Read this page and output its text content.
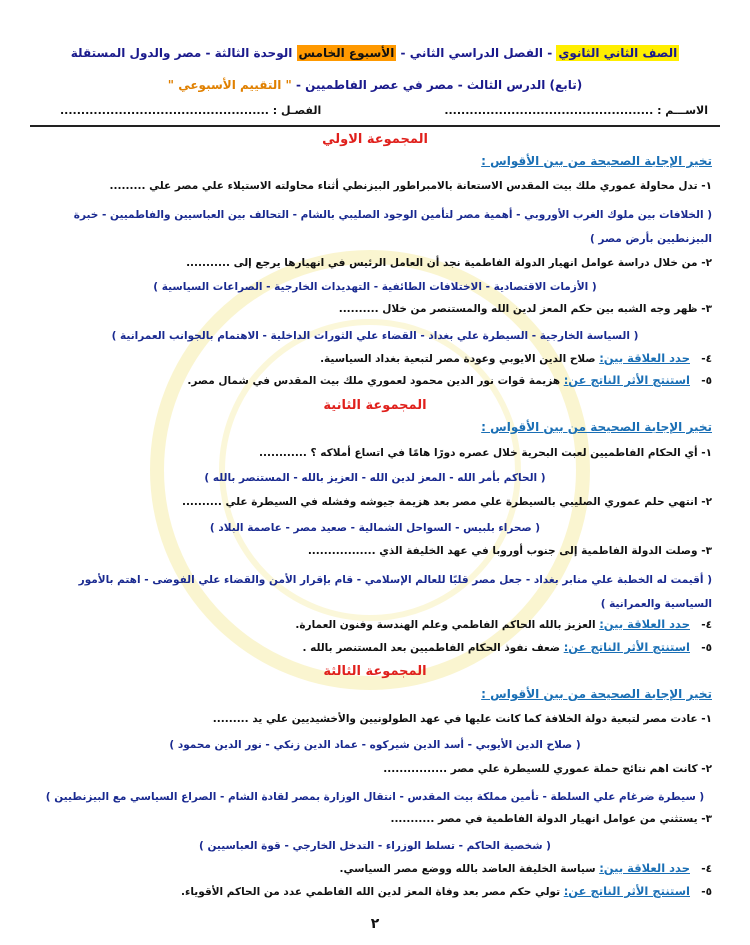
الصف الثاني الثانوي - الفصل الدراسي الثاني - الأسبوع الخامس الوحدة الثالثة - مصر والدول المستقلة
(تابع) الدرس الثالث - مصر في عصر الفاطميين - " التقييم الأسبوعي "
الاســـم : ..................................................
الفصـل : ..................................................
المجموعة الاولي
تخير الإجابة الصحيحة من بين الأقواس :
١- تدل محاولة عموري ملك بيت المقدس الاستعانة بالامبراطور البيزنطي أثناء محاولته الاستيلاء علي مصر علي .........
( الخلافات بين ملوك الغرب الأوروبي - أهمية مصر لتأمين الوجود الصليبي بالشام - التحالف بين العباسيين والفاطميين - خبرة
البيزنطيين بأرض مصر )
٢- من خلال دراسة عوامل انهيار الدولة الفاطمية نجد أن العامل الرئيس في انهيارها يرجع إلى ...........
( الأزمات الاقتصادية - الاختلافات الطائفية - التهديدات الخارجية - الصراعات السياسية )
٣- ظهر وجه الشبه بين حكم المعز لدين الله والمستنصر من خلال ..........
( السياسة الخارجية - السيطرة علي بغداد - القضاء علي الثورات الداخلية - الاهتمام بالجوانب العمرانية )
٤-حدد العلاقة بين: صلاح الدين الايوبي وعودة مصر لتبعية بغداد السياسية.
٥-استنتج الأثر الناتج عن: هزيمة قوات نور الدين محمود لعموري ملك بيت المقدس في شمال مصر.
المجموعة الثانية
تخير الإجابة الصحيحة من بين الأقواس :
١- أي الحكام الفاطميين لعبت البحرية خلال عصره دورًا هامًا في اتساع أملاكه ؟ ............
( الحاكم بأمر الله - المعز لدين الله - العزيز بالله - المستنصر بالله )
٢- انتهي حلم عموري الصليبي بالسيطرة علي مصر بعد هزيمة جيوشه وفشله في السيطرة علي ..........
( صحراء بلبيس - السواحل الشمالية - صعيد مصر - عاصمة البلاد )
٣- وصلت الدولة الفاطمية إلى جنوب أوروبا في عهد الخليفة الذي .................
( أقيمت له الخطبة علي منابر بغداد - جعل مصر قلبًا للعالم الإسلامي - قام بإقرار الأمن والقضاء علي الفوضى - اهتم بالأمور
السياسية والعمرانية )
٤-حدد العلاقة بين: العزيز بالله الحاكم الفاطمي وعلم الهندسة وفنون العمارة.
٥-استنتج الأثر الناتج عن: ضعف نفوذ الحكام الفاطميين بعد المستنصر بالله .
المجموعة الثالثة
تخير الإجابة الصحيحة من بين الأقواس :
١- عادت مصر لتبعية دولة الخلافة كما كانت عليها في عهد الطولونيين والأخشيديين علي يد .........
( صلاح الدين الأيوبي - أسد الدين شيركوه - عماد الدين زنكي - نور الدين محمود )
٢- كانت اهم نتائج حملة عموري للسيطرة علي مصر ................
( سيطرة ضرغام علي السلطة - تأمين مملكة بيت المقدس - انتقال الوزارة بمصر لقادة الشام - الصراع السياسي مع البيزنطيين )
٣- يستثني من عوامل انهيار الدولة الفاطمية في مصر ...........
( شخصية الحاكم - تسلط الوزراء - التدخل الخارجي - قوة العباسيين )
٤-حدد العلاقة بين: سياسة الخليفة العاضد بالله ووضع مصر السياسي.
٥-استنتج الأثر الناتج عن: تولي حكم مصر بعد وفاة المعز لدين الله الفاطمي عدد من الحاكم الأقوياء.
٢
